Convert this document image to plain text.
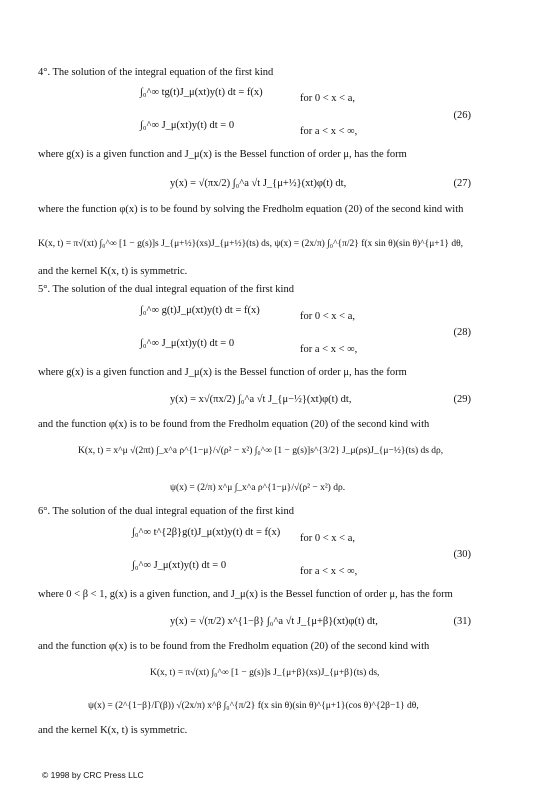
4°. The solution of the integral equation of the first kind
∫₀^∞ tg(t)J_μ(xt)y(t) dt = f(x)
for 0 < x < a,
∫₀^∞ J_μ(xt)y(t) dt = 0
for a < x < ∞,
(26)
where g(x) is a given function and J_μ(x) is the Bessel function of order μ, has the form
y(x) = √(πx/2) ∫₀^a √t J_{μ+½}(xt)φ(t) dt,	(27)
where the function φ(x) is to be found by solving the Fredholm equation (20) of the second kind with
K(x, t) = π√(xt) ∫₀^∞ [1 − g(s)]s J_{μ+½}(xs)J_{μ+½}(ts) ds, ψ(x) = (2x/π) ∫₀^{π/2} f(x sin θ)(sin θ)^{μ+1} dθ,
and the kernel K(x, t) is symmetric.
5°. The solution of the dual integral equation of the first kind
∫₀^∞ g(t)J_μ(xt)y(t) dt = f(x)
for 0 < x < a,
∫₀^∞ J_μ(xt)y(t) dt = 0
for a < x < ∞,
(28)
where g(x) is a given function and J_μ(x) is the Bessel function of order μ, has the form
y(x) = x√(πx/2) ∫₀^a √t J_{μ−½}(xt)φ(t) dt,	(29)
and the function φ(x) is to be found from the Fredholm equation (20) of the second kind with
K(x, t) = x^μ √(2πt) ∫_x^a ρ^{1−μ}/√(ρ² − x²) ∫₀^∞ [1 − g(s)]s^{3/2} J_μ(ρs)J_{μ−½}(ts) ds dρ,
ψ(x) = (2/π) x^μ ∫_x^a ρ^{1−μ}/√(ρ² − x²) dρ.
6°. The solution of the dual integral equation of the first kind
∫₀^∞ t^{2β}g(t)J_μ(xt)y(t) dt = f(x)
for 0 < x < a,
∫₀^∞ J_μ(xt)y(t) dt = 0
for a < x < ∞,
(30)
where 0 < β < 1, g(x) is a given function, and J_μ(x) is the Bessel function of order μ, has the form
y(x) = √(π/2) x^{1−β} ∫₀^a √t J_{μ+β}(xt)φ(t) dt,	(31)
and the function φ(x) is to be found from the Fredholm equation (20) of the second kind with
K(x, t) = π√(xt) ∫₀^∞ [1 − g(s)]s J_{μ+β}(xs)J_{μ+β}(ts) ds,
ψ(x) = (2^{1−β}/Γ(β)) √(2x/π) x^β ∫₀^{π/2} f(x sin θ)(sin θ)^{μ+1}(cos θ)^{2β−1} dθ,
and the kernel K(x, t) is symmetric.
© 1998 by CRC Press LLC
